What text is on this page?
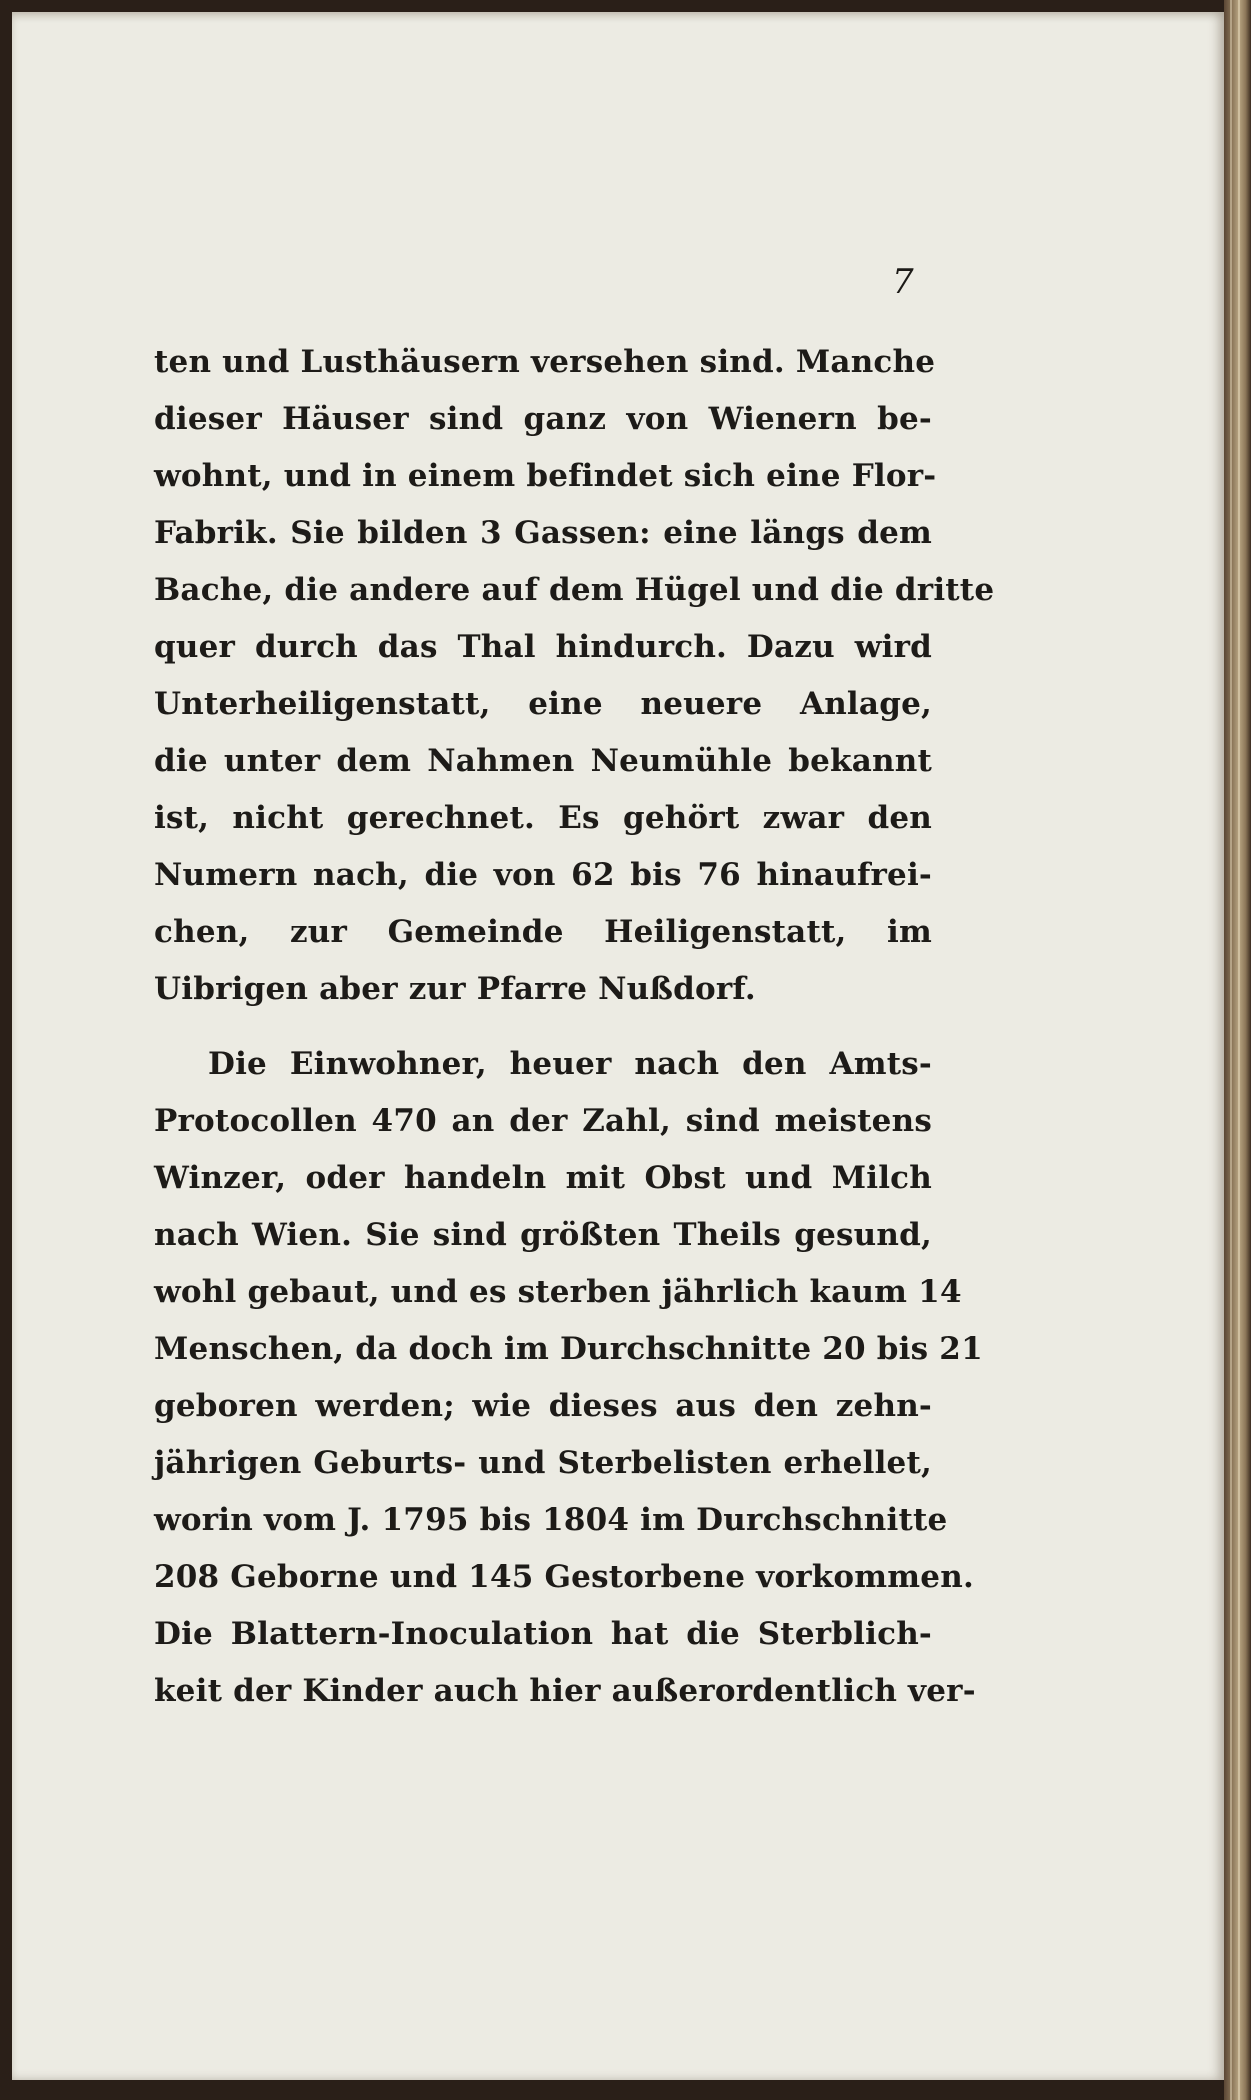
7
ten und Lusthäusern versehen sind. Manche
dieser Häuser sind ganz von Wienern be-
wohnt, und in einem befindet sich eine Flor-
Fabrik. Sie bilden 3 Gassen: eine längs dem
Bache, die andere auf dem Hügel und die dritte
quer durch das Thal hindurch. Dazu wird
Unterheiligenstatt, eine neuere Anlage,
die unter dem Nahmen Neumühle bekannt
ist, nicht gerechnet. Es gehört zwar den
Numern nach, die von 62 bis 76 hinaufrei-
chen, zur Gemeinde Heiligenstatt, im
Uibrigen aber zur Pfarre Nußdorf.
Die Einwohner, heuer nach den Amts-
Protocollen 470 an der Zahl, sind meistens
Winzer, oder handeln mit Obst und Milch
nach Wien. Sie sind größten Theils gesund,
wohl gebaut, und es sterben jährlich kaum 14
Menschen, da doch im Durchschnitte 20 bis 21
geboren werden; wie dieses aus den zehn-
jährigen Geburts- und Sterbelisten erhellet,
worin vom J. 1795 bis 1804 im Durchschnitte
208 Geborne und 145 Gestorbene vorkommen.
Die Blattern-Inoculation hat die Sterblich-
keit der Kinder auch hier außerordentlich ver-
